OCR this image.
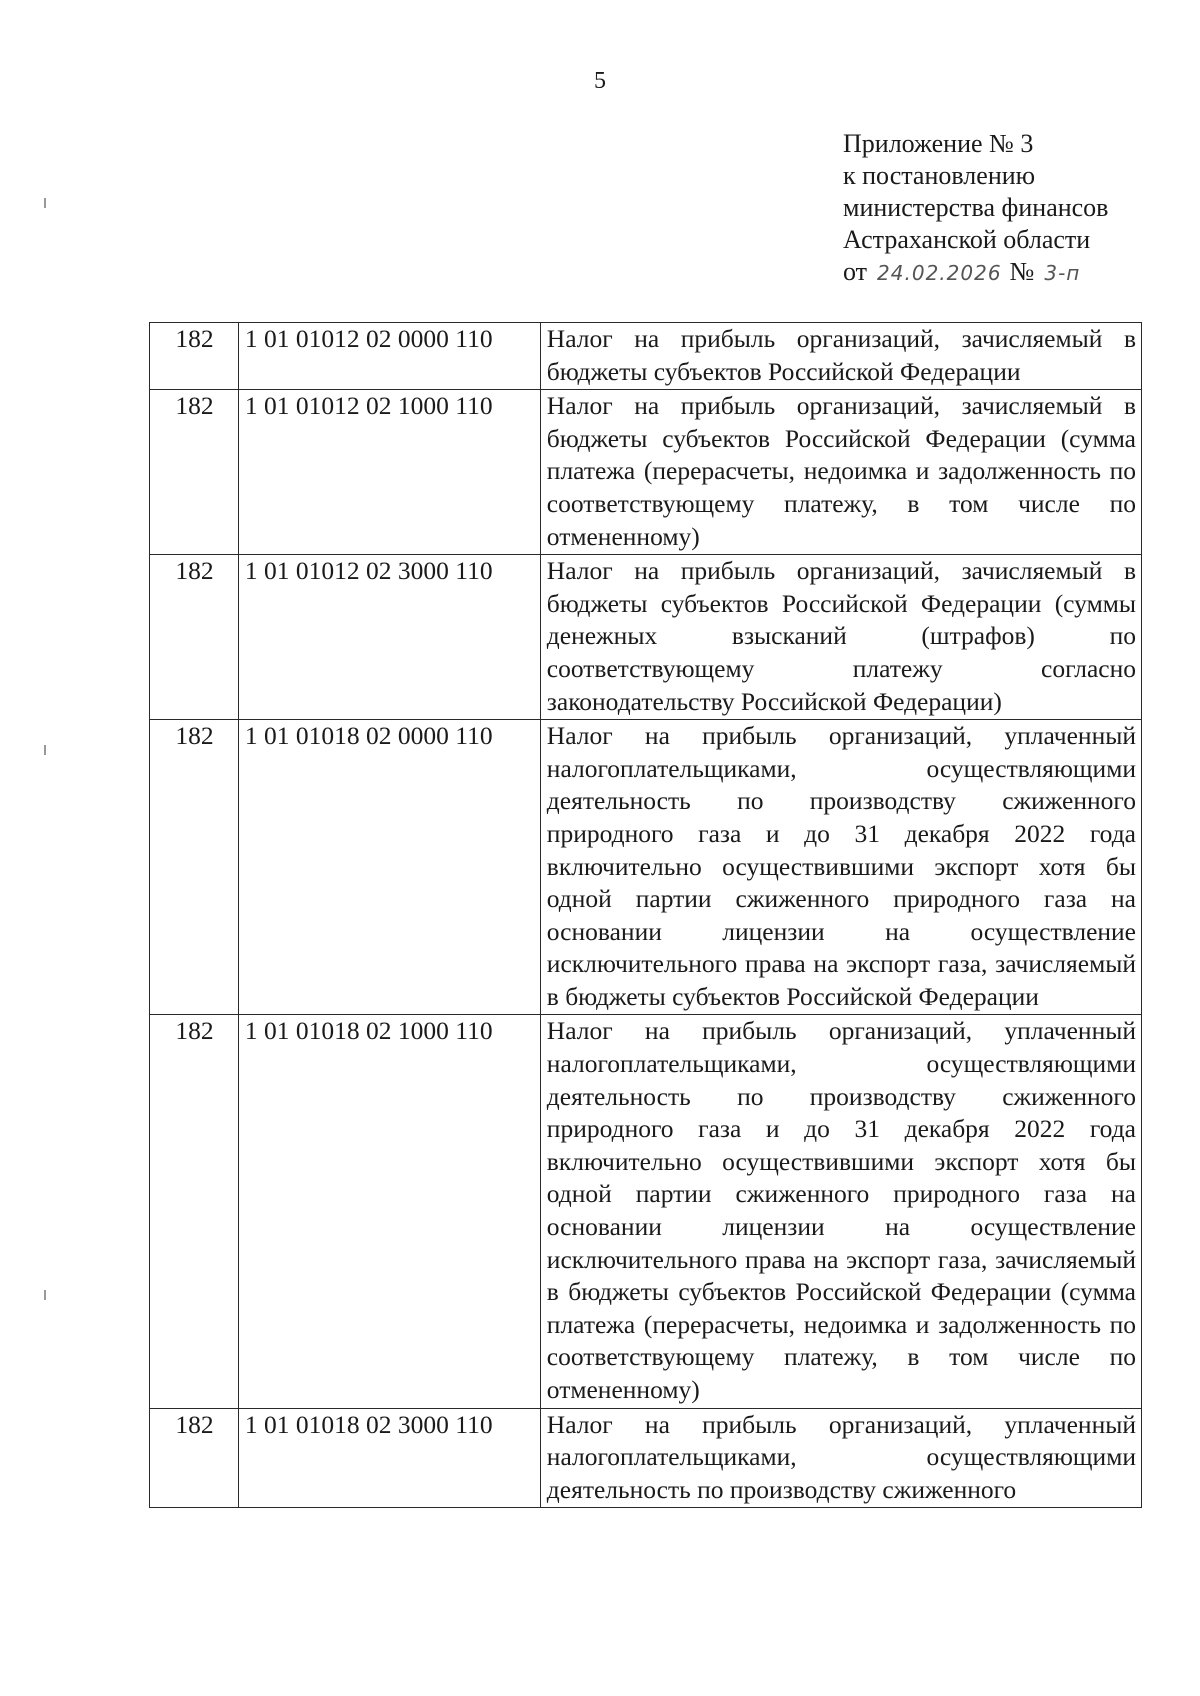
5
Приложение № 3
к постановлению
министерства финансов
Астраханской области
от 24.02.2026 № 3-п
182	1 01 01012 02 0000 110	Налог на прибыль организаций, зачисляемый в бюджеты субъектов Российской Федерации
182	1 01 01012 02 1000 110	Налог на прибыль организаций, зачисляемый в бюджеты субъектов Российской Федерации (сумма платежа (перерасчеты, недоимка и задолженность по соответствующему платежу, в том числе по отмененному)
182	1 01 01012 02 3000 110	Налог на прибыль организаций, зачисляемый в бюджеты субъектов Российской Федерации (суммы денежных взысканий (штрафов) по соответствующему платежу согласно законодательству Российской Федерации)
182	1 01 01018 02 0000 110	Налог на прибыль организаций, уплаченный налогоплательщиками, осуществляющими деятельность по производству сжиженного природного газа и до 31 декабря 2022 года включительно осуществившими экспорт хотя бы одной партии сжиженного природного газа на основании лицензии на осуществление исключительного права на экспорт газа, зачисляемый в бюджеты субъектов Российской Федерации
182	1 01 01018 02 1000 110	Налог на прибыль организаций, уплаченный налогоплательщиками, осуществляющими деятельность по производству сжиженного природного газа и до 31 декабря 2022 года включительно осуществившими экспорт хотя бы одной партии сжиженного природного газа на основании лицензии на осуществление исключительного права на экспорт газа, зачисляемый в бюджеты субъектов Российской Федерации (сумма платежа (перерасчеты, недоимка и задолженность по соответствующему платежу, в том числе по отмененному)
182	1 01 01018 02 3000 110	Налог на прибыль организаций, уплаченный налогоплательщиками, осуществляющими деятельность по производству сжиженного
